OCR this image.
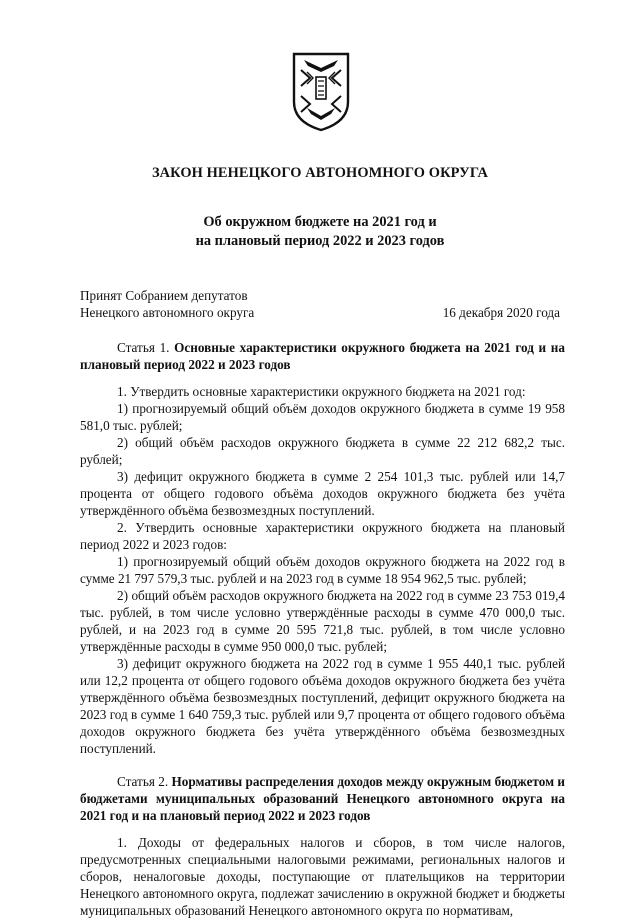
ЗАКОН НЕНЕЦКОГО АВТОНОМНОГО ОКРУГА
Об окружном бюджете на 2021 год и
на плановый период 2022 и 2023 годов
Принят Собранием депутатов
Ненецкого автономного округа	16 декабря 2020 года

Статья 1. Основные характеристики окружного бюджета на 2021 год и на плановый период 2022 и 2023 годов

1. Утвердить основные характеристики окружного бюджета на 2021 год:

1) прогнозируемый общий объём доходов окружного бюджета в сумме 19 958 581,0 тыс. рублей;

2) общий объём расходов окружного бюджета в сумме 22 212 682,2 тыс. рублей;

3) дефицит окружного бюджета в сумме 2 254 101,3 тыс. рублей или 14,7 процента от общего годового объёма доходов окружного бюджета без учёта утверждённого объёма безвозмездных поступлений.

2. Утвердить основные характеристики окружного бюджета на плановый период 2022 и 2023 годов:

1) прогнозируемый общий объём доходов окружного бюджета на 2022 год в сумме 21 797 579,3 тыс. рублей и на 2023 год в сумме 18 954 962,5 тыс. рублей;

2) общий объём расходов окружного бюджета на 2022 год в сумме 23 753 019,4 тыс. рублей, в том числе условно утверждённые расходы в сумме 470 000,0 тыс. рублей, и на 2023 год в сумме 20 595 721,8 тыс. рублей, в том числе условно утверждённые расходы в сумме 950 000,0 тыс. рублей;

3) дефицит окружного бюджета на 2022 год в сумме 1 955 440,1 тыс. рублей или 12,2 процента от общего годового объёма доходов окружного бюджета без учёта утверждённого объёма безвозмездных поступлений, дефицит окружного бюджета на 2023 год в сумме 1 640 759,3 тыс. рублей или 9,7 процента от общего годового объёма доходов окружного бюджета без учёта утверждённого объёма безвозмездных поступлений.

Статья 2. Нормативы распределения доходов между окружным бюджетом и бюджетами муниципальных образований Ненецкого автономного округа на 2021 год и на плановый период 2022 и 2023 годов

1. Доходы от федеральных налогов и сборов, в том числе налогов, предусмотренных специальными налоговыми режимами, региональных налогов и сборов, неналоговые доходы, поступающие от плательщиков на территории Ненецкого автономного округа, подлежат зачислению в окружной бюджет и бюджеты муниципальных образований Ненецкого автономного округа по нормативам,
